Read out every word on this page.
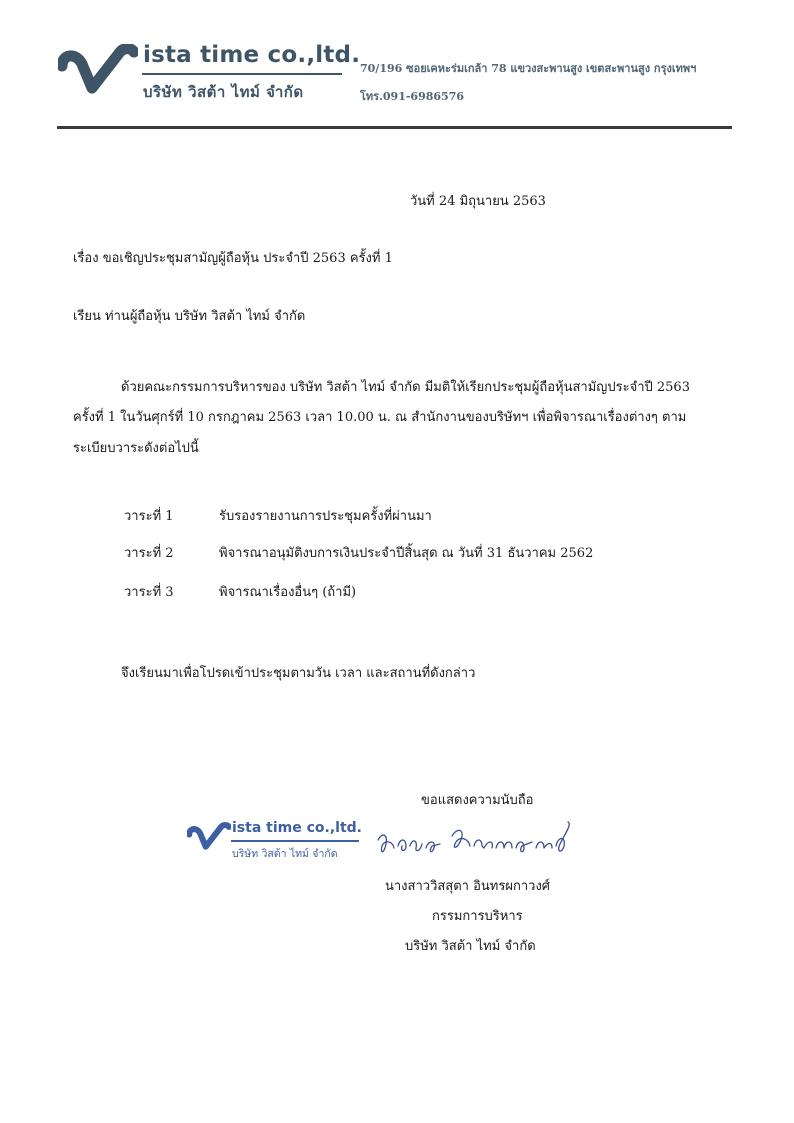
ista time co.,ltd.
บริษัท วิสต้า ไทม์ จำกัด
70/196 ซอยเคหะร่มเกล้า 78 แขวงสะพานสูง เขตสะพานสูง กรุงเทพฯ
โทร.091-6986576
วันที่ 24 มิถุนายน 2563
เรื่อง ขอเชิญประชุมสามัญผู้ถือหุ้น ประจำปี 2563 ครั้งที่ 1
เรียน ท่านผู้ถือหุ้น บริษัท วิสต้า ไทม์ จำกัด
ด้วยคณะกรรมการบริหารของ บริษัท วิสต้า ไทม์ จำกัด มีมติให้เรียกประชุมผู้ถือหุ้นสามัญประจำปี 2563
ครั้งที่ 1 ในวันศุกร์ที่ 10 กรกฎาคม 2563 เวลา 10.00 น. ณ สำนักงานของบริษัทฯ เพื่อพิจารณาเรื่องต่างๆ ตาม
ระเบียบวาระดังต่อไปนี้
วาระที่ 1	รับรองรายงานการประชุมครั้งที่ผ่านมา
วาระที่ 2	พิจารณาอนุมัติงบการเงินประจำปีสิ้นสุด ณ วันที่ 31 ธันวาคม 2562
วาระที่ 3	พิจารณาเรื่องอื่นๆ (ถ้ามี)
จึงเรียนมาเพื่อโปรดเข้าประชุมตามวัน เวลา และสถานที่ดังกล่าว
ขอแสดงความนับถือ
ista time co.,ltd.
บริษัท วิสต้า ไทม์ จำกัด
นางสาววิสสุตา อินทรผกาวงศ์
กรรมการบริหาร
บริษัท วิสต้า ไทม์ จำกัด
